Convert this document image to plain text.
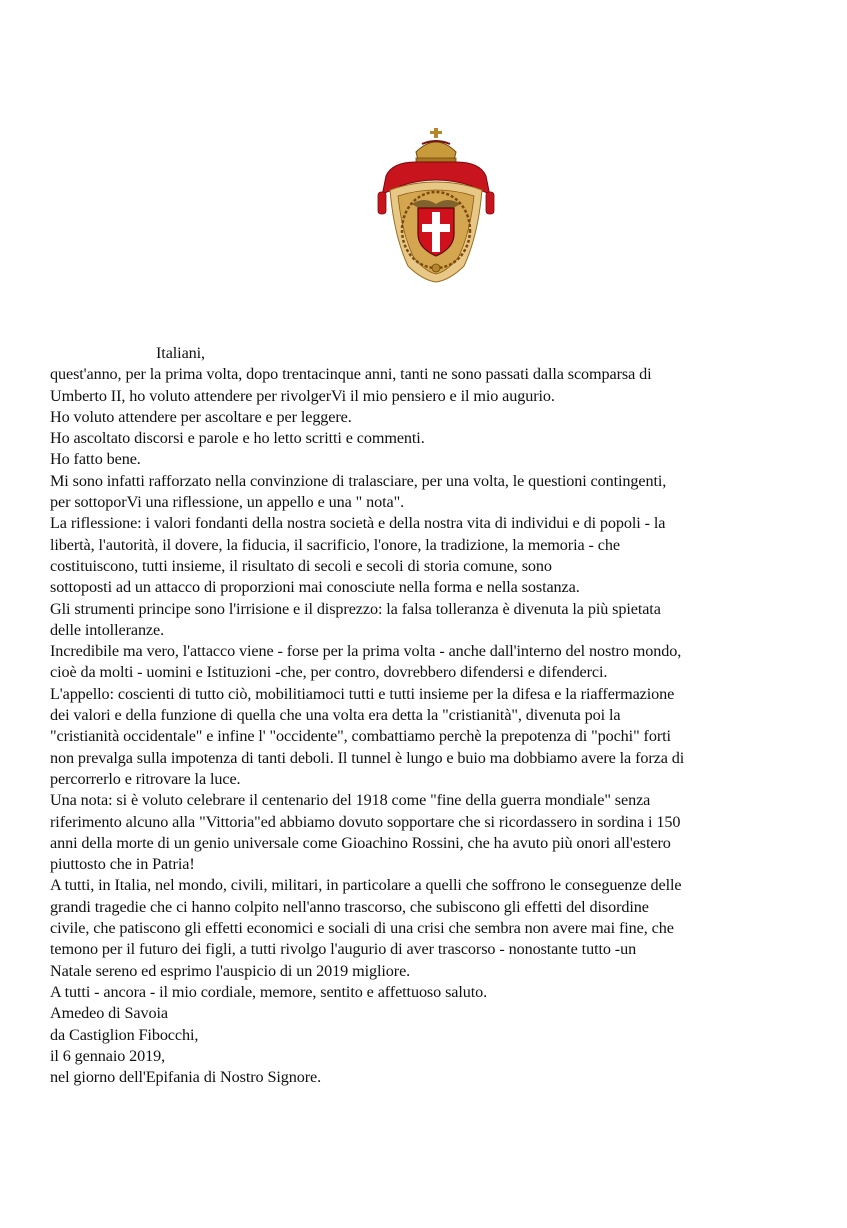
Italiani,
quest'anno, per la prima volta, dopo trentacinque anni, tanti ne sono passati dalla scomparsa di
Umberto II, ho voluto attendere per rivolgerVi il mio pensiero e il mio augurio.
Ho voluto attendere per ascoltare e per leggere.
Ho ascoltato discorsi e parole e ho letto scritti e commenti.
Ho fatto bene.
Mi sono infatti rafforzato nella convinzione di tralasciare, per una volta, le questioni contingenti,
per sottoporVi una riflessione, un appello e una " nota".
La riflessione: i valori fondanti della nostra società e della nostra vita di individui e di popoli - la
libertà, l'autorità, il dovere, la fiducia, il sacrificio, l'onore, la tradizione, la memoria - che
costituiscono, tutti insieme, il risultato di secoli e secoli di storia comune, sono
sottoposti ad un attacco di proporzioni mai conosciute nella forma e nella sostanza.
Gli strumenti principe sono l'irrisione e il disprezzo: la falsa tolleranza è divenuta la più spietata
delle intolleranze.
Incredibile ma vero, l'attacco viene - forse per la prima volta - anche dall'interno del nostro mondo,
cioè da molti - uomini e Istituzioni -che, per contro, dovrebbero difendersi e difenderci.
L'appello: coscienti di tutto ciò, mobilitiamoci tutti e tutti insieme per la difesa e la riaffermazione
dei valori e della funzione di quella che una volta era detta la "cristianità", divenuta poi la
"cristianità occidentale" e infine l' "occidente", combattiamo perchè la prepotenza di "pochi" forti
non prevalga sulla impotenza di tanti deboli. Il tunnel è lungo e buio ma dobbiamo avere la forza di
percorrerlo e ritrovare la luce.
Una nota: si è voluto celebrare il centenario del 1918 come "fine della guerra mondiale" senza
riferimento alcuno alla "Vittoria"ed abbiamo dovuto sopportare che si ricordassero in sordina i 150
anni della morte di un genio universale come Gioachino Rossini, che ha avuto più onori all'estero
piuttosto che in Patria!
A tutti, in Italia, nel mondo, civili, militari, in particolare a quelli che soffrono le conseguenze delle
grandi tragedie che ci hanno colpito nell'anno trascorso, che subiscono gli effetti del disordine
civile, che patiscono gli effetti economici e sociali di una crisi che sembra non avere mai fine, che
temono per il futuro dei figli, a tutti rivolgo l'augurio di aver trascorso - nonostante tutto -un
Natale sereno ed esprimo l'auspicio di un 2019 migliore.
A tutti - ancora - il mio cordiale, memore, sentito e affettuoso saluto.
Amedeo di Savoia
da Castiglion Fibocchi,
il 6 gennaio 2019,
nel giorno dell'Epifania di Nostro Signore.
